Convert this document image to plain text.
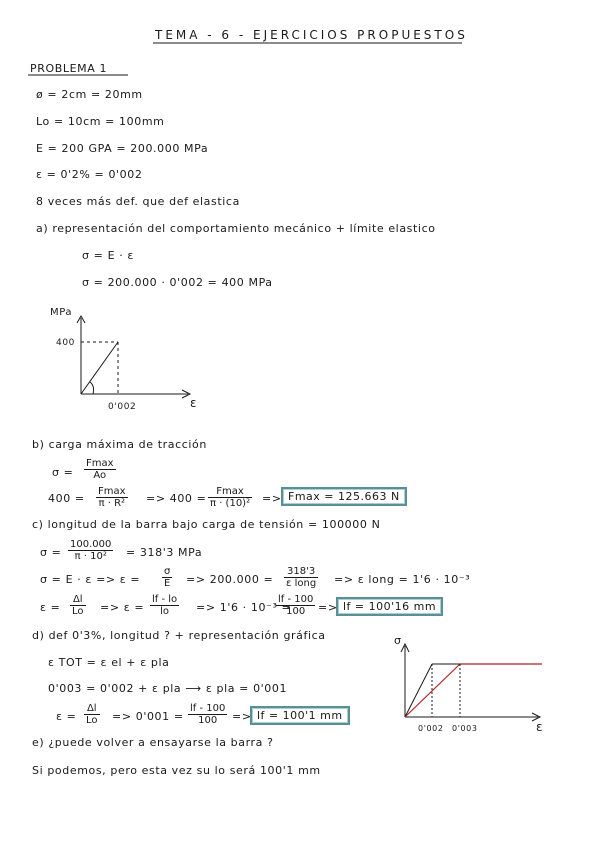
TEMA - 6 - EJERCICIOS PROPUESTOS
PROBLEMA 1
ø = 2cm = 20mm
Lo = 10cm = 100mm
E = 200 GPA = 200.000 MPa
ε = 0'2% = 0'002
8 veces más def. que def elastica
a) representación del comportamiento mecánico + límite elastico
σ = E · ε
σ = 200.000 · 0'002 = 400 MPa
MPa
400
0'002	ε
b) carga máxima de tracción
σ =
Fmax
Ao
400 =
Fmax
π · R² => 400 =
Fmax
π · (10)² => Fmax = 125.663 N
c) longitud de la barra bajo carga de tensión = 100000 N
$\sigma = \frac{100.000}{\text{π · 10²}} = 318'3$ MPa
$\sigma = E \cdot \varepsilon => \varepsilon = \frac{\sigma}{E} => 200.000$ =
318'3
ε long => ε long = 1'6 · 10⁻³
$\varepsilon = \frac{\Delta l}{Lo} => \varepsilon = \frac{lf - lo}{lo} => 1'6 \cdot 10^{-3}$ =
$\frac{lf - 100}{100}$ => lf = 100'16 mm
d) def 0'3%, longitud ? + representación gráfica
ε TOT = ε el + ε pla
0'003 = 0'002 + ε pla ⟶ ε pla = 0'001
$\varepsilon = \frac{\Delta l}{Lo} => 0'001 = \frac{lf - 100}{100}$ => lf = 100'1 mm
σ
ε
0'002 0'003
e) ¿puede volver a ensayarse la barra ?
Si podemos, pero esta vez su lo será 100'1 mm
